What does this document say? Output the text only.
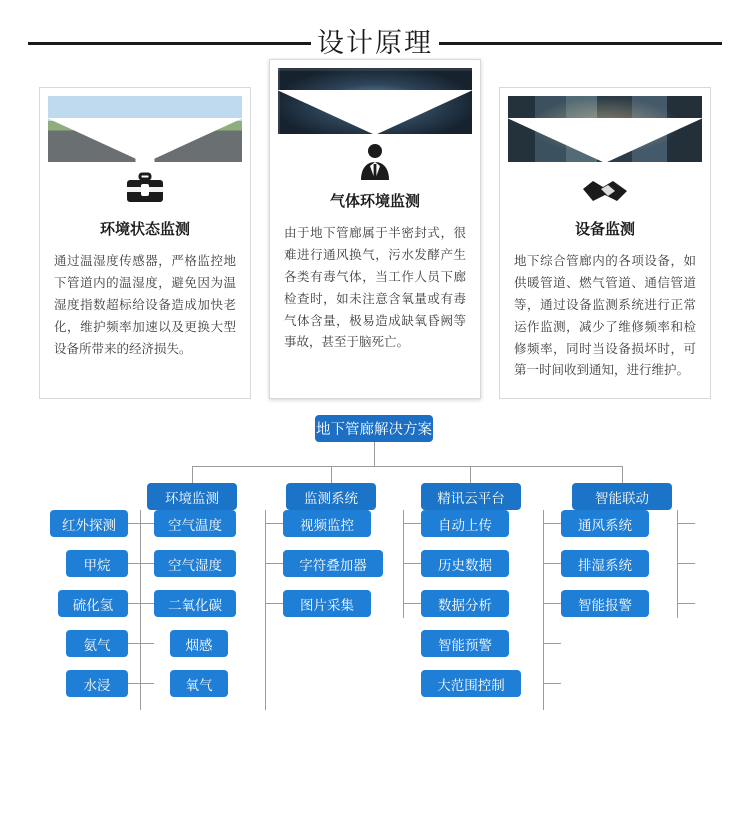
设计原理
环境状态监测

通过温湿度传感器，严格监控地下管道内的温湿度，避免因为温湿度指数超标给设备造成加快老化，维护频率加速以及更换大型设备所带来的经济损失。

气体环境监测

由于地下管廊属于半密封式，很难进行通风换气，污水发酵产生各类有毒气体，当工作人员下廊检查时，如未注意含氧量或有毒气体含量，极易造成缺氧昏阙等事故，甚至于脑死亡。

设备监测

地下综合管廊内的各项设备，如供暖管道、燃气管道、通信管道等，通过设备监测系统进行正常运作监测，减少了维修频率和检修频率，同时当设备损坏时，可第一时间收到通知，进行维护。

地下管廊解决方案
环境监测	监测系统	精讯云平台	智能联动
红外探测
甲烷
硫化氢
氨气
水浸
空气温度
空气湿度
二氧化碳
烟感
氧气
视频监控
字符叠加器
图片采集
自动上传
历史数据
数据分析
智能预警
大范围控制
通风系统
排湿系统
智能报警
